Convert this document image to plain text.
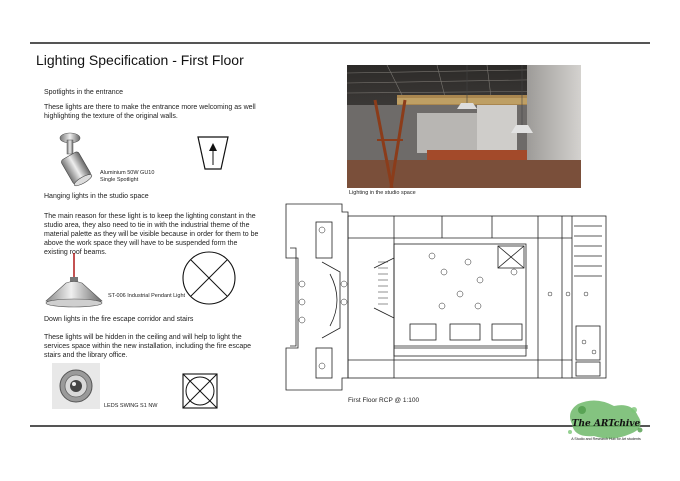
Lighting Specification - First Floor
Spotlights in the entrance
These lights are there to make the entrance more welcoming as well highlighting the texture of the original walls.
Aluminium 50W GU10 Single Spotlight
Hanging lights in the studio space
The main reason for these light is to keep the lighting constant in the studio area, they also need to tie in with the industrial theme of the material palette as they will be visible because in order for them to be above the work space they will have to be suspended form the existing roof beams.
ST-006 Industrial Pendant Light
Down lights in the fire escape corridor and stairs
These lights will be hidden in the ceiling and will help to light the services space within the new installation, including the fire escape stairs and the library office.
LEDS SWING S1 NW
Lighting in the studio space
First Floor RCP @ 1:100
The ARTchive
A Studio and Research Hub for Art students
